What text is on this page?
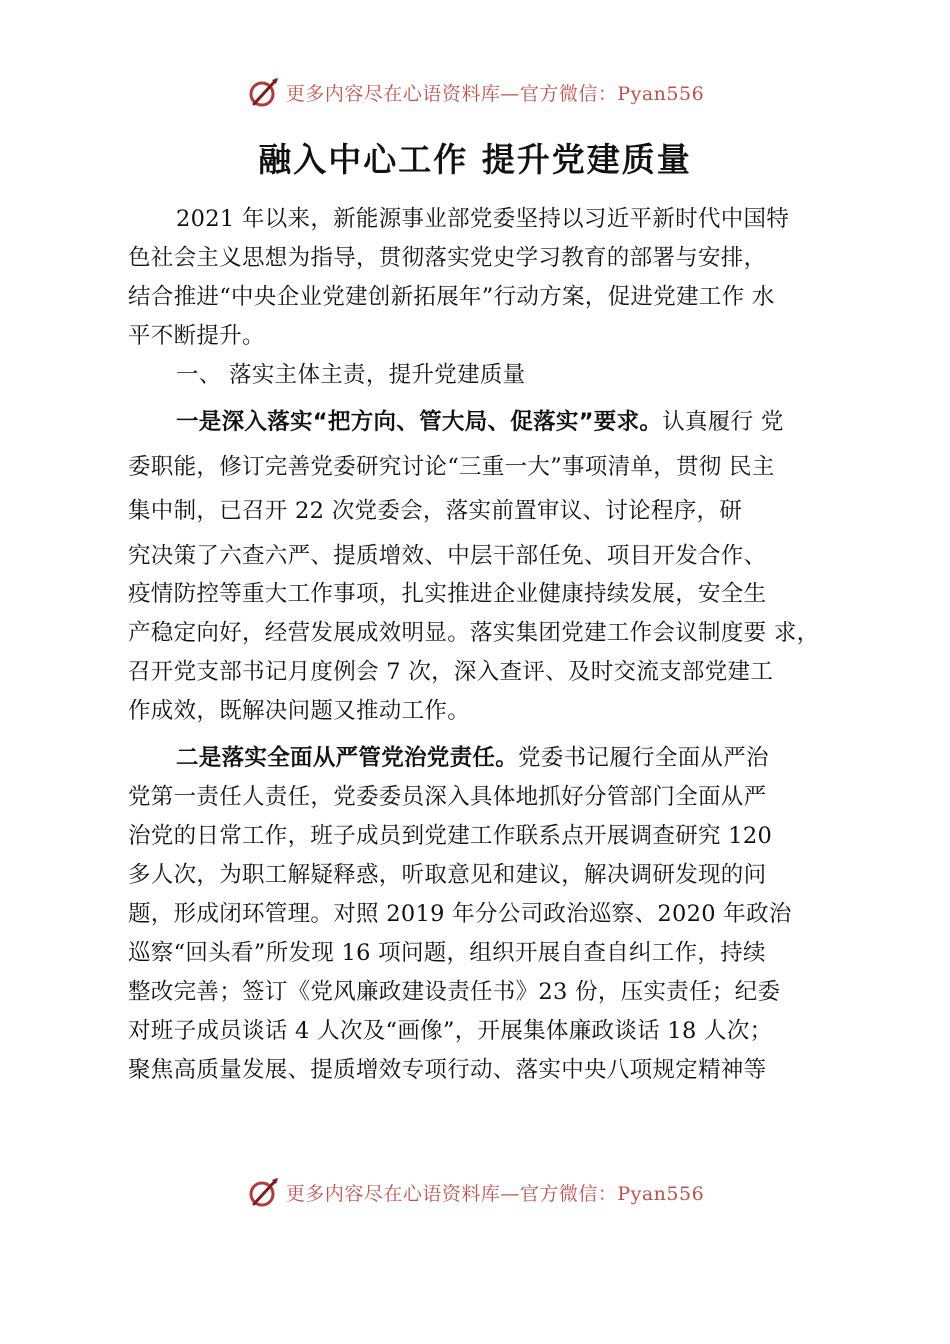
更多内容尽在心语资料库—官方微信：Pyan556
融入中心工作 提升党建质量
2021 年以来，新能源事业部党委坚持以习近平新时代中国特
色社会主义思想为指导，贯彻落实党史学习教育的部署与安排，
结合推进“中央企业党建创新拓展年”行动方案，促进党建工作 水
平不断提升。
一、 落实主体主责，提升党建质量
一是深入落实“把方向、管大局、促落实”要求。认真履行 党
委职能，修订完善党委研究讨论“三重一大”事项清单，贯彻 民主
集中制，已召开 22 次党委会，落实前置审议、讨论程序，研
究决策了六查六严、提质增效、中层干部任免、项目开发合作、
疫情防控等重大工作事项，扎实推进企业健康持续发展，安全生
产稳定向好，经营发展成效明显。落实集团党建工作会议制度要 求，
召开党支部书记月度例会 7 次，深入查评、及时交流支部党建工
作成效，既解决问题又推动工作。
二是落实全面从严管党治党责任。党委书记履行全面从严治
党第一责任人责任，党委委员深入具体地抓好分管部门全面从严
治党的日常工作，班子成员到党建工作联系点开展调查研究 120
多人次，为职工解疑释惑，听取意见和建议，解决调研发现的问
题，形成闭环管理。对照 2019 年分公司政治巡察、2020 年政治
巡察“回头看”所发现 16 项问题，组织开展自查自纠工作，持续
整改完善；签订《党风廉政建设责任书》23 份，压实责任；纪委
对班子成员谈话 4 人次及“画像”，开展集体廉政谈话 18 人次；
聚焦高质量发展、提质增效专项行动、落实中央八项规定精神等
更多内容尽在心语资料库—官方微信：Pyan556
